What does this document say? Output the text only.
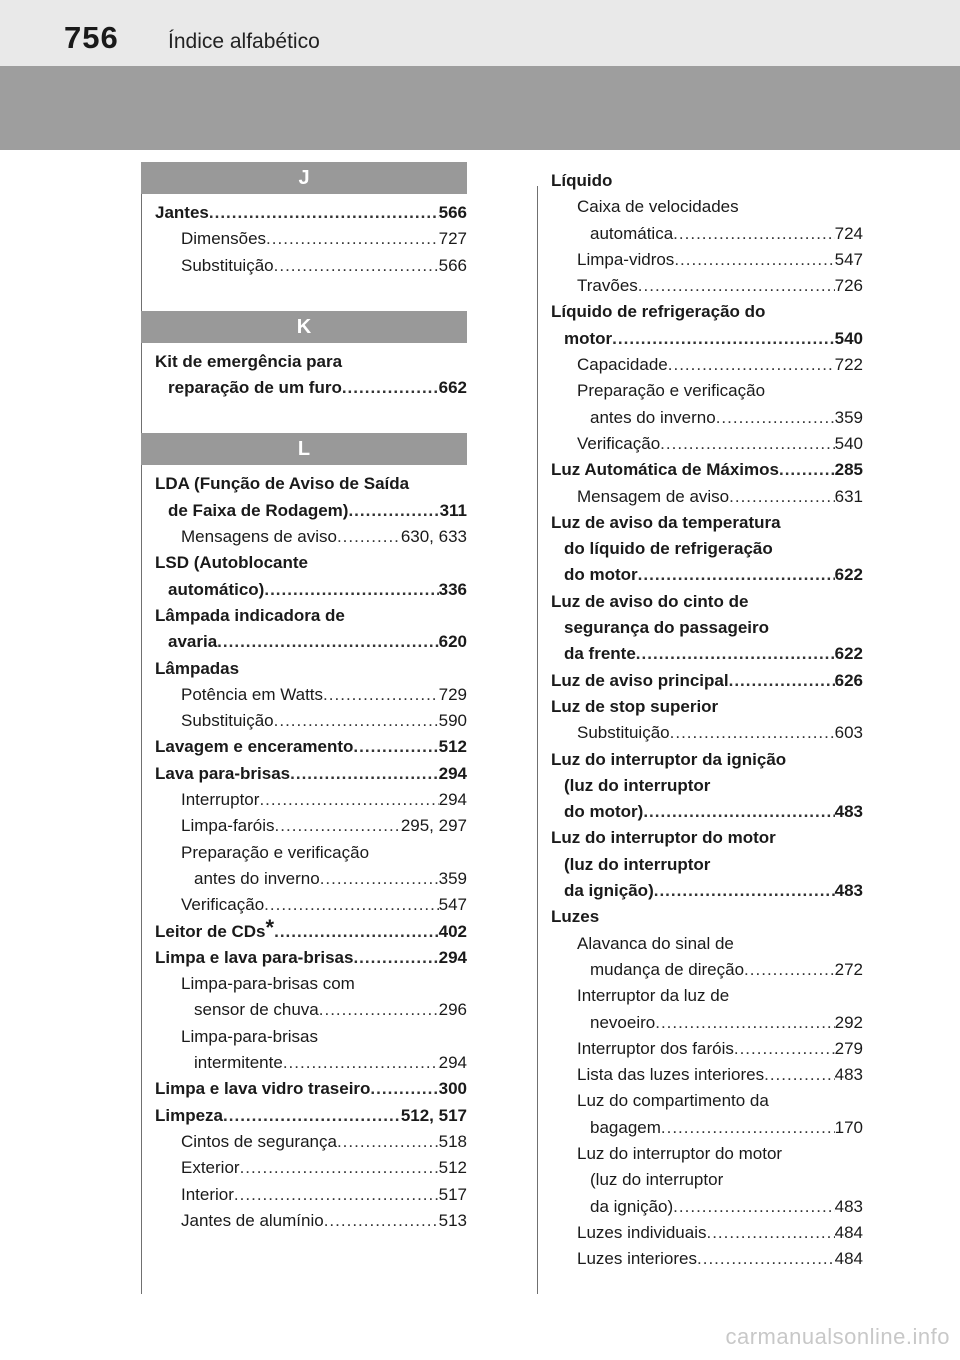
756 Índice alfabético
J
Jantes .....	566
Dimensões .....	727
Substituição .....	566
K
Kit de emergência para
reparação de um furo .....	662
L
LDA (Função de Aviso de Saída
de Faixa de Rodagem) .....	311
Mensagens de aviso .....	630, 633
LSD (Autoblocante
automático) .....	336
Lâmpada indicadora de
avaria .....	620
Lâmpadas
Potência em Watts .....	729
Substituição .....	590
Lavagem e enceramento .....	512
Lava para-brisas .....	294
Interruptor .....	294
Limpa-faróis .....	295, 297
Preparação e verificação
antes do inverno .....	359
Verificação .....	547
Leitor de CDs* .....	402
Limpa e lava para-brisas .....	294
Limpa-para-brisas com
sensor de chuva .....	296
Limpa-para-brisas
intermitente .....	294
Limpa e lava vidro traseiro .....	300
Limpeza .....	512, 517
Cintos de segurança .....	518
Exterior .....	512
Interior .....	517
Jantes de alumínio .....	513
Líquido
Caixa de velocidades
automática .....	724
Limpa-vidros .....	547
Travões .....	726
Líquido de refrigeração do
motor .....	540
Capacidade .....	722
Preparação e verificação
antes do inverno .....	359
Verificação .....	540
Luz Automática de Máximos .....	285
Mensagem de aviso .....	631
Luz de aviso da temperatura
do líquido de refrigeração
do motor .....	622
Luz de aviso do cinto de
segurança do passageiro
da frente .....	622
Luz de aviso principal .....	626
Luz de stop superior
Substituição .....	603
Luz do interruptor da ignição
(luz do interruptor
do motor) .....	483
Luz do interruptor do motor
(luz do interruptor
da ignição) .....	483
Luzes
Alavanca do sinal de
mudança de direção .....	272
Interruptor da luz de
nevoeiro .....	292
Interruptor dos faróis .....	279
Lista das luzes interiores .....	483
Luz do compartimento da
bagagem .....	170
Luz do interruptor do motor
(luz do interruptor
da ignição) .....	483
Luzes individuais .....	484
Luzes interiores .....	484
carmanualsonline.info
